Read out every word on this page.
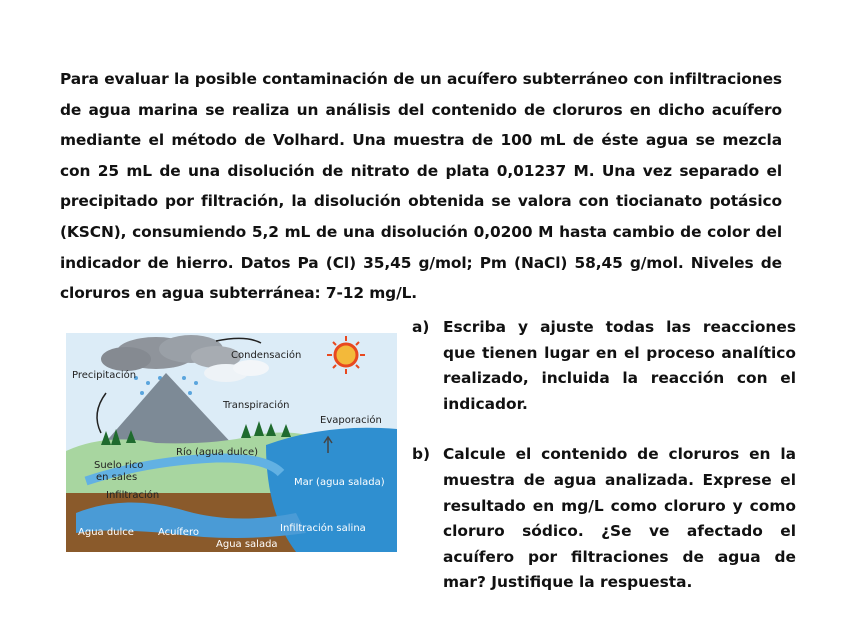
Para evaluar la posible contaminación de un acuífero subterráneo con infiltraciones de agua marina se realiza un análisis del contenido de cloruros en dicho acuífero mediante el método de Volhard. Una muestra de 100 mL de éste agua se mezcla con 25 mL de una disolución de nitrato de plata 0,01237 M. Una vez separado el precipitado por filtración, la disolución obtenida se valora con tiocianato potásico (KSCN), consumiendo 5,2 mL de una disolución 0,0200 M hasta cambio de color del indicador de hierro. Datos Pa (Cl) 35,45 g/mol; Pm (NaCl) 58,45 g/mol. Niveles de cloruros en agua subterránea: 7-12 mg/L.
Condensación
Precipitación
Transpiración
Evaporación
Río (agua dulce)
Suelo rico
en sales
Infiltración
Mar (agua salada)
Infiltración salina
Agua dulce Acuífero
Agua salada
a) Escriba y ajuste todas las reacciones que tienen lugar en el proceso analítico realizado, incluida la reacción con el indicador.
b) Calcule el contenido de cloruros en la muestra de agua analizada. Exprese el resultado en mg/L como cloruro y como cloruro sódico. ¿Se ve afectado el acuífero por filtraciones de agua de mar? Justifique la respuesta.
